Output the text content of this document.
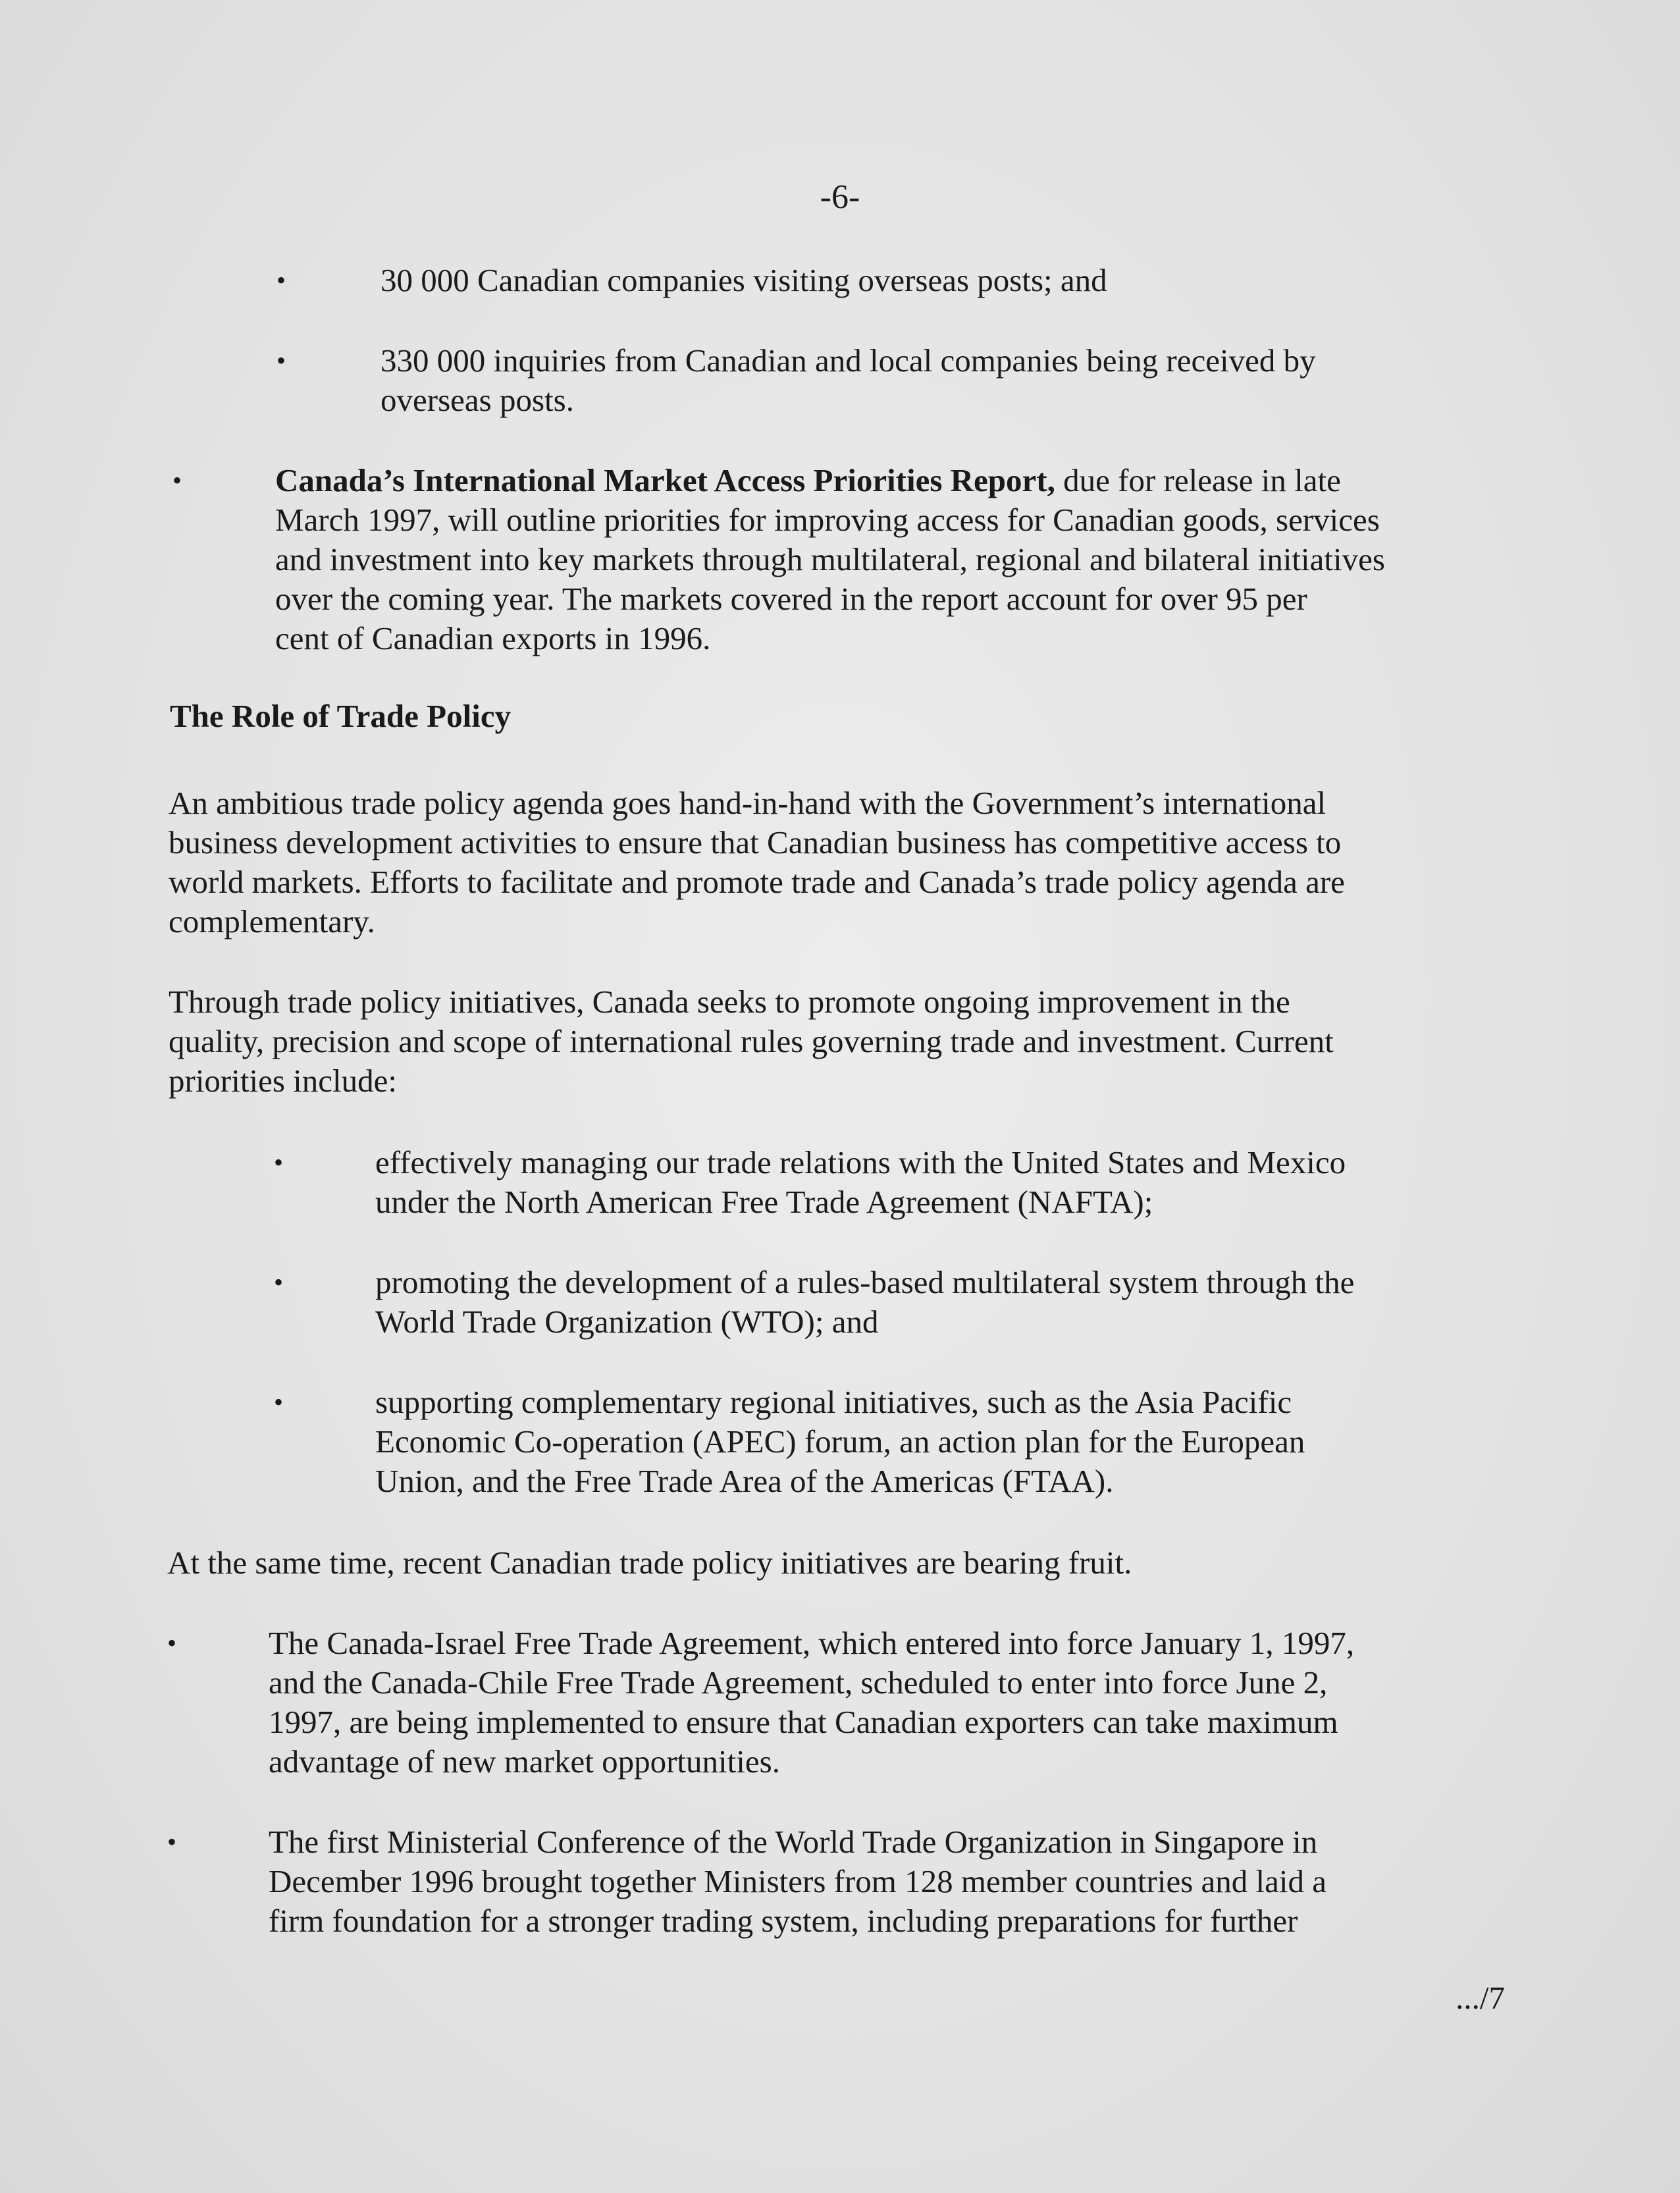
-6-
•	30 000 Canadian companies visiting overseas posts; and
•	330 000 inquiries from Canadian and local companies being received by
overseas posts.
•	Canada’s International Market Access Priorities Report, due for release in late
March 1997, will outline priorities for improving access for Canadian goods, services
and investment into key markets through multilateral, regional and bilateral initiatives
over the coming year. The markets covered in the report account for over 95 per
cent of Canadian exports in 1996.
The Role of Trade Policy
An ambitious trade policy agenda goes hand-in-hand with the Government’s international
business development activities to ensure that Canadian business has competitive access to
world markets. Efforts to facilitate and promote trade and Canada’s trade policy agenda are
complementary.
Through trade policy initiatives, Canada seeks to promote ongoing improvement in the
quality, precision and scope of international rules governing trade and investment. Current
priorities include:
•	effectively managing our trade relations with the United States and Mexico
under the North American Free Trade Agreement (NAFTA);
•	promoting the development of a rules-based multilateral system through the
World Trade Organization (WTO); and
•	supporting complementary regional initiatives, such as the Asia Pacific
Economic Co-operation (APEC) forum, an action plan for the European
Union, and the Free Trade Area of the Americas (FTAA).
At the same time, recent Canadian trade policy initiatives are bearing fruit.
•	The Canada-Israel Free Trade Agreement, which entered into force January 1, 1997,
and the Canada-Chile Free Trade Agreement, scheduled to enter into force June 2,
1997, are being implemented to ensure that Canadian exporters can take maximum
advantage of new market opportunities.
•	The first Ministerial Conference of the World Trade Organization in Singapore in
December 1996 brought together Ministers from 128 member countries and laid a
firm foundation for a stronger trading system, including preparations for further
.../7
